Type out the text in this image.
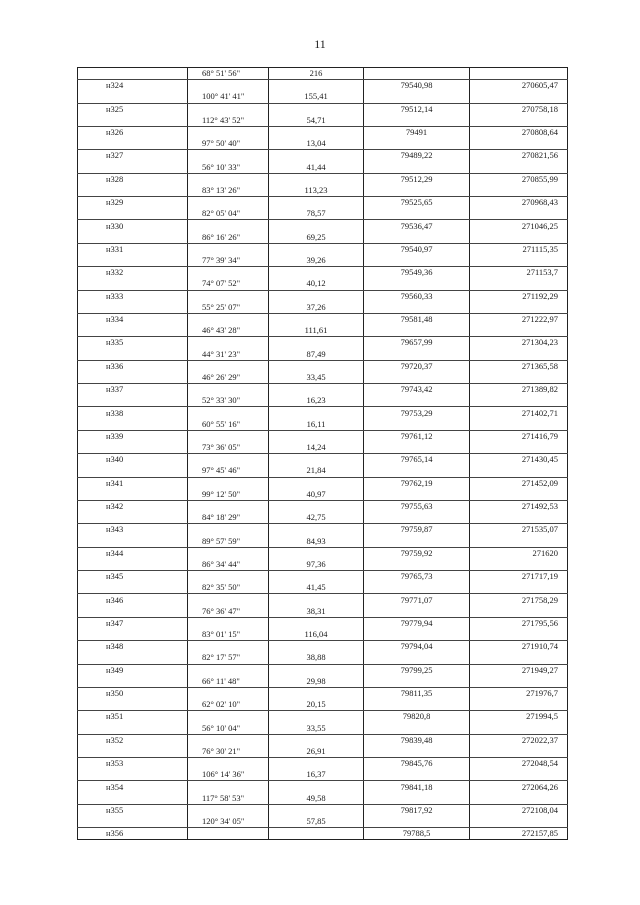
11
	68° 51' 56"	216		
н324			79540,98	270605,47
	100° 41' 41"	155,41		
н325			79512,14	270758,18
	112° 43' 52"	54,71		
н326			79491	270808,64
	97° 50' 40"	13,04		
н327			79489,22	270821,56
	56° 10' 33"	41,44		
н328			79512,29	270855,99
	83° 13' 26"	113,23		
н329			79525,65	270968,43
	82° 05' 04"	78,57		
н330			79536,47	271046,25
	86° 16' 26"	69,25		
н331			79540,97	271115,35
	77° 39' 34"	39,26		
н332			79549,36	271153,7
	74° 07' 52"	40,12		
н333			79560,33	271192,29
	55° 25' 07"	37,26		
н334			79581,48	271222,97
	46° 43' 28"	111,61		
н335			79657,99	271304,23
	44° 31' 23"	87,49		
н336			79720,37	271365,58
	46° 26' 29"	33,45		
н337			79743,42	271389,82
	52° 33' 30"	16,23		
н338			79753,29	271402,71
	60° 55' 16"	16,11		
н339			79761,12	271416,79
	73° 36' 05"	14,24		
н340			79765,14	271430,45
	97° 45' 46"	21,84		
н341			79762,19	271452,09
	99° 12' 50"	40,97		
н342			79755,63	271492,53
	84° 18' 29"	42,75		
н343			79759,87	271535,07
	89° 57' 59"	84,93		
н344			79759,92	271620
	86° 34' 44"	97,36		
н345			79765,73	271717,19
	82° 35' 50"	41,45		
н346			79771,07	271758,29
	76° 36' 47"	38,31		
н347			79779,94	271795,56
	83° 01' 15"	116,04		
н348			79794,04	271910,74
	82° 17' 57"	38,88		
н349			79799,25	271949,27
	66° 11' 48"	29,98		
н350			79811,35	271976,7
	62° 02' 10"	20,15		
н351			79820,8	271994,5
	56° 10' 04"	33,55		
н352			79839,48	272022,37
	76° 30' 21"	26,91		
н353			79845,76	272048,54
	106° 14' 36"	16,37		
н354			79841,18	272064,26
	117° 58' 53"	49,58		
н355			79817,92	272108,04
	120° 34' 05"	57,85		
н356			79788,5	272157,85
